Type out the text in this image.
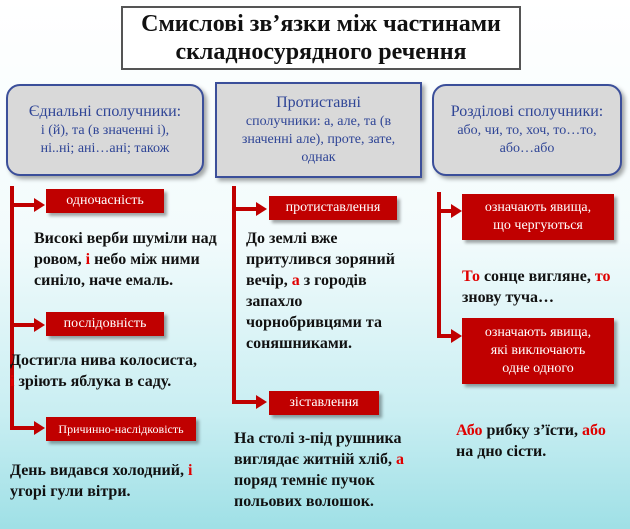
Смислові зв’язки між частинами
складносурядного речення
Єднальні сполучники:
і (й), та (в значенні і),
ні..ні; ані…ані; також
Протиставні
сполучники: а, але, та (в
значенні але), проте, зате,
однак
Розділові сполучники:
або, чи, то, хоч, то…то,
або…або
одночасність
послідовність
Причинно-наслідковість
протиставлення
зіставлення
означають явища,
що чергуються
означають явища,
які виключають
одне одного
Високі верби шуміли над
ровом, і небо між ними
синіло, наче емаль.
Достигла нива колосиста,
і зріють яблука в саду.
День видався холодний, і
угорі гули вітри.
До землі вже
притулився зоряний
вечір, а з городів
запахло
чорнобривцями та
соняшниками.
На столі з-під рушника
виглядає житній хліб, а
поряд темніє пучок
польових волошок.
То сонце вигляне, то
знову туча…
Або рибку з’їсти, або
на дно сісти.
